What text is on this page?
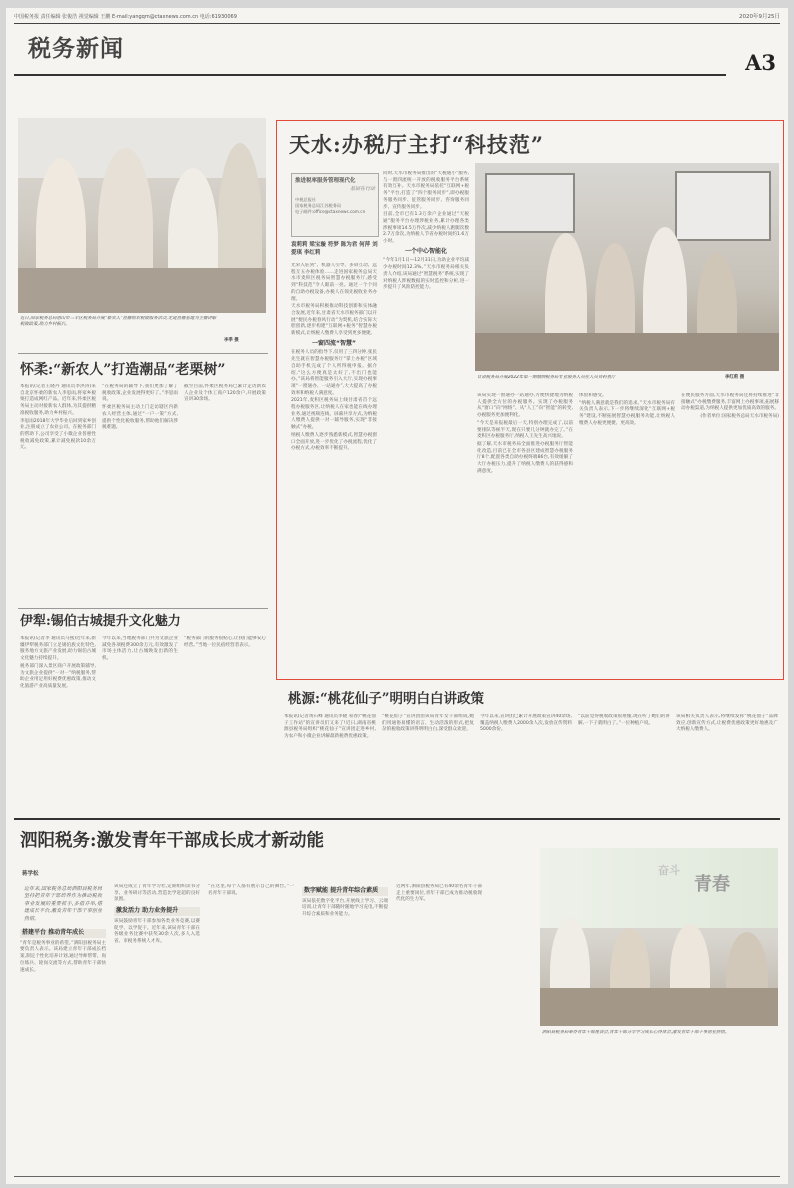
中国税务报 责任编辑 张俊浩 视觉编辑 王鹏 E-mail:yangqm@ctaxnews.com.cn 电话:61930069	2020年9月25日
税务新闻
A3
近日,国家税务总局潜山市三丰区税务局开展“新农人”直播助农税收服务活动,走进直播基地为主播讲解税收政策,助力乡村振兴。
李季 摄
怀柔:“新农人”打造潮品“老栗树”

本报讯(记者王晓丹 通讯员李洪涛)来自北京怀柔的新农人李思雨,将家乡板栗打造成网红产品。近年来,怀柔区税务局主动对接新农人群体,为其提供精准税收服务,助力乡村振兴。

李思雨2018年大学毕业后回到家乡创业,注册成立了农业公司。在税务部门的帮助下,公司享受了小微企业普惠性税收减免政策,累计减免税款10余万元。

“在税务局的辅导下,我们更加了解了税收政策,企业发展得更好了。”李思雨说。

怀柔区税务局主动上门走访辖区内新农人经营主体,通过“一户一策”方式,提供个性化税收服务,帮助他们解决涉税难题。

截至目前,怀柔区税务局已累计走访新农人企业及个体工商户120余户,开展政策宣讲30余场。

伊犁:锡伯古城提升文化魅力

本报讯(记者李 通讯员马燕)近年来,新疆伊犁税务部门立足锡伯族文化特色,服务地方文旅产业发展,助力锡伯古城文化魅力持续提升。

税务部门深入景区商户开展政策辅导,为文旅企业提供“一对一”纳税服务,帮助企业用足用好税费优惠政策,推动文化旅游产业高质量发展。

今年以来,当地税务部门共为文旅企业减免各项税费300余万元,有效激发了市场主体活力,让古城焕发出新的生机。

“税务部门的服务很贴心,让我们能够安心经营。”当地一位民宿经营者表示。

天水:办税厅主打“科技范”
推进税率服务管理现代化
基层在行动
中税总报社
国家税务总局江苏税务局
电子邮件:office@ctaxnews.com.cn
袁莉莉 梁宝璇 符梦 陈为君 何萍 刘爱琪 李红莉

光荣入驻到“、机器人引导、多屏互动、远程互五办税体验……走进国家税务总局天水市麦积区税务局智慧办税服务厅,感受到“科技范”令人眼前一亮。通过一个个同的自助办税设备,办税人在领先税收业务办理。

天水市税务局积极推动科技创新和实体融合发展,近年来,甘肃省天水市税务部门以开展“便民办税春风行动”为契机,结合实际大胆创新,逐步构建“互联网+税务”智慧办税新模式,让纳税人缴费人享受到更多便捷。

一窗四流“智慧”

在税务人员的指导下,仅用了三四分钟,张民先生就在智慧办税服务厅“掌上办税”区域自助手机完成了个人所得税申报。据介绍,“这么方便真是太好了,不出门也能办。”该局将智能服务引入大厅,实现办税事项“一窗通办、一站通办”,大大提高了办税效率和纳税人满意度。

2021年,麦积区税务局上线甘肃省首个远程办税服务区,让纳税人在家也能在线办理业务,通过视频连线、屏幕共享方式,为纳税人缴费人提供一对一辅导服务,实现“非接触式”办税。

纳税人缴费人逐步熟悉新模式,智慧办税窗口全面开放,进一步优化了办税流程,优化了办税方式,办税效率不断提升。

同时,天水市税务局推出的“天税通小”服务,与一窗四流统一开放的税收服务平台系统有效互补。天水市税务局依托“互联网+税务”平台,打造了“四个服务同步”,即办税服务服务同步、征管服务同步、咨询服务同步、宣传服务同步。

目前,全市已有1.3万余户企业通过“天税通”服务平台办理涉税业务,累计办理各类涉税事项14.5万件次,减少纳税人跑腿次数2.7万余次,为纳税人节省办税时间约1.6万小时。

一个中心智能化

“今年1月1日—12月31日,为助企业平均减少办税时间12.3%。”天水市税务局相关负责人介绍,该局通过“智慧税务”系统,实现了对纳税人涉税数据的实时监控和分析,进一步提升了风险防控能力。

甘肃税务局开展2022年第一期缴纳税务局专业服务人员在人员资料查厅	李红莉 摄

该局实现一窗通办一站通办,方便快捷地为纳税人提供全方位的办税服务。实现了办税服务从“窗口”向“网络”、从“人工”向“智能”的转变,办税服务更加便利化。

“今天是来报税最后一天,特别办理完成了,以前要排队等候半天,现在只要几分钟就办完了。”在麦积区办税服务厅,纳税人王先生高兴地说。

据了解,天水市税务局全面推进办税服务厅智能化改造,目前已在全市各县区建成智慧办税服务厅8个,配置各类自助办税终端86台,有效缓解了大厅办税压力,提升了纳税人缴费人的获得感和满意度。

体验和感受。

“纳税人满意就是我们的追求。”天水市税务局有关负责人表示,下一步将继续深化“互联网+税务”建设,不断拓展智慧办税服务功能,让纳税人缴费人办税更便捷、更高效。

在便民服务方面,天水市税务局还将持续推进“非接触式”办税缴费服务,丰富网上办税事项,拓展移动办税渠道,为纳税人提供更加优质高效的服务。

(作者单位:国家税务总局天水市税务局)

桃源:“桃花仙子”明明白白讲政策

本报讯(记者黄石峰 通讯员李晓 易春)“桃花仙子工作站”的宣讲员们又来了!近日,湖南省桃源县税务局组织“桃花仙子”宣讲团走进乡村,为农户和小微企业讲解最新税费优惠政策。

“桃花仙子”宣讲团由该局青年女干部组成,她们用通俗易懂的语言、生动活泼的形式,把复杂的税收政策讲得明明白白,深受群众欢迎。

今年以来,宣讲团已累计开展政策宣讲40余场,覆盖纳税人缴费人2000余人次,发放宣传资料5000余份。

“以前觉得税收政策很难懂,现在听了她们的讲解,一下子就明白了。”一位种植户说。

该局相关负责人表示,将继续发挥“桃花仙子”品牌效应,创新宣传方式,让税费优惠政策更好地惠及广大纳税人缴费人。

泗阳税务:激发青年干部成长成才新动能
蒋学松

近年来,国家税务总局泗阳县税务局坚持把青年干部培养作为推动税收事业发展的重要抓手,多措并举,搭建成长平台,激发青年干部干事创业热情。

搭建平台 推动青年成长

“青年是税务事业的希望。”泗阳县税务局主要负责人表示。该局建立青年干部成长档案,制定个性化培养计划,通过导师帮带、岗位练兵、轮岗交流等方式,帮助青年干部快速成长。

该局还成立了青年学习社,定期组织读书分享、业务研讨等活动,营造比学赶超的良好氛围。

激发活力 助力业务提升

该局鼓励青年干部参加各类业务竞赛,以赛促学、以学促干。近年来,该局青年干部在各级业务比赛中获奖30余人次,多人入选省、市税务系统人才库。

“在这里,每个人都有展示自己的舞台。”一名青年干部说。	数字赋能 提升青年综合素质

该局依托数字化平台,开展线上学习、云端培训,让青年干部随时随地学习充电,不断提升综合素质和业务能力。

近两年,泗阳县税务局已有40余名青年干部走上重要岗位,青年干部已成为推动税收现代化的生力军。

奋斗
青春
泗阳县税务局举办青年干部座谈会,青年干部分享学习成长心得体会,激发青年干部干事创业热情。
